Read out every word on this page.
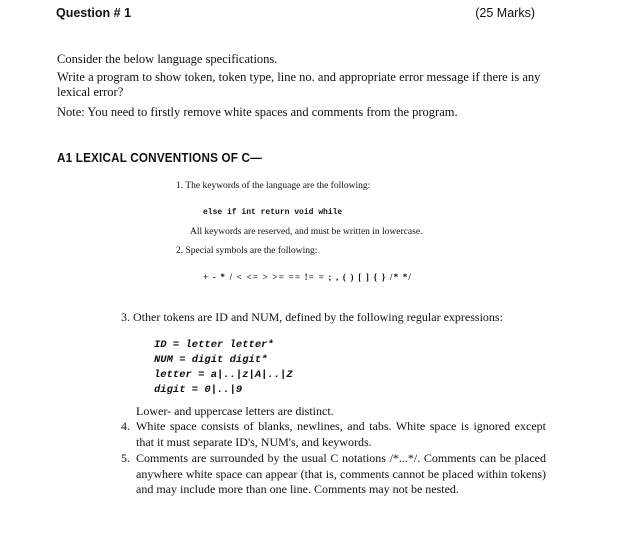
Question # 1	(25 Marks)
Consider the below language specifications.
Write a program to show token, token type, line no. and appropriate error message if there is any lexical error?
Note: You need to firstly remove white spaces and comments from the program.
A1 LEXICAL CONVENTIONS OF C—
1. The keywords of the language are the following:
else if int return void while
All keywords are reserved, and must be written in lowercase.
2. Special symbols are the following:
+ - * / < <= > >= == != = ; , ( ) [ ] { } /* */
3. Other tokens are ID and NUM, defined by the following regular expressions:
ID = letter letter*
NUM = digit digit*
letter = a|..|z|A|..|Z
digit = 0|..|9
Lower- and uppercase letters are distinct.
4. White space consists of blanks, newlines, and tabs. White space is ignored except that it must separate ID's, NUM's, and keywords.
5. Comments are surrounded by the usual C notations /*...*/. Comments can be placed anywhere white space can appear (that is, comments cannot be placed within tokens) and may include more than one line. Comments may not be nested.
